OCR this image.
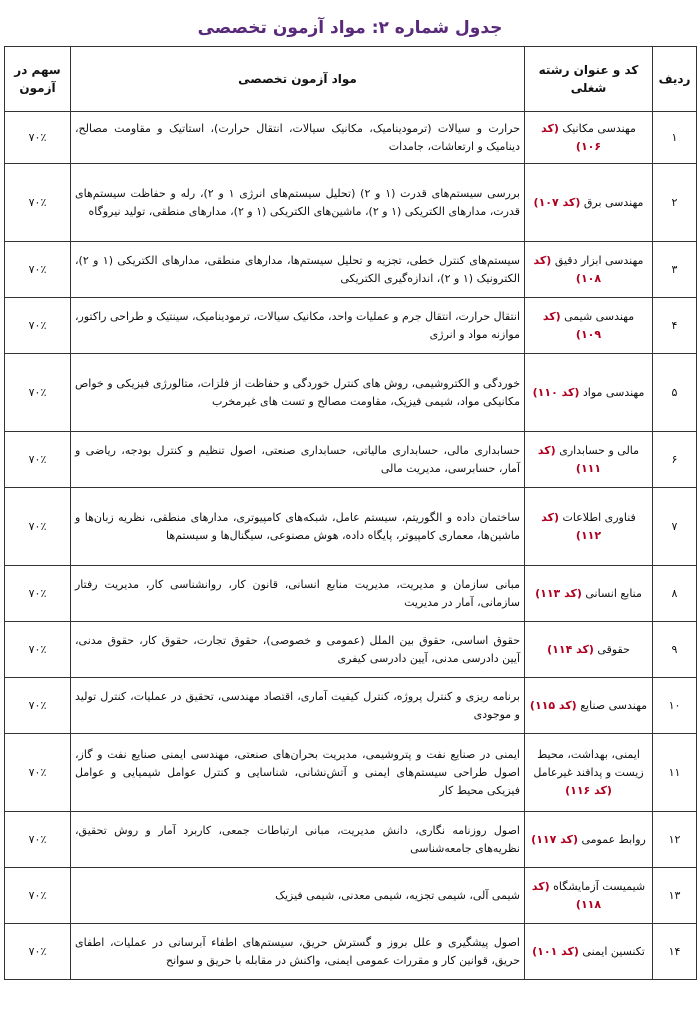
جدول شماره ۲: مواد آزمون تخصصی
ردیف	کد و عنوان رشته شغلی	مواد آزمون تخصصی	سهم در آزمون
۱	مهندسی مکانیک (کد ۱۰۶)	حرارت و سیالات (ترمودینامیک، مکانیک سیالات، انتقال حرارت)، استاتیک و مقاومت مصالح، دینامیک و ارتعاشات، جامدات	۷۰٪
۲	مهندسی برق (کد ۱۰۷)	بررسی سیستم‌های قدرت (۱ و ۲) (تحلیل سیستم‌های انرژی ۱ و ۲)، رله و حفاظت سیستم‌های قدرت، مدارهای الکتریکی (۱ و ۲)، ماشین‌های الکتریکی (۱ و ۲)، مدارهای منطقی، تولید نیروگاه	۷۰٪
۳	مهندسی ابزار دقیق (کد ۱۰۸)	سیستم‌های کنترل خطی، تجزیه و تحلیل سیستم‌ها، مدارهای منطقی، مدارهای الکتریکی (۱ و ۲)، الکترونیک (۱ و ۲)، اندازه‌گیری الکتریکی	۷۰٪
۴	مهندسی شیمی (کد ۱۰۹)	انتقال حرارت، انتقال جرم و عملیات واحد، مکانیک سیالات، ترمودینامیک، سینتیک و طراحی راکتور، موازنه مواد و انرژی	۷۰٪
۵	مهندسی مواد (کد ۱۱۰)	خوردگی و الکتروشیمی، روش های کنترل خوردگی و حفاظت از فلزات، متالورژی فیزیکی و خواص مکانیکی مواد، شیمی فیزیک، مقاومت مصالح و تست های غیرمخرب	۷۰٪
۶	مالی و حسابداری (کد ۱۱۱)	حسابداری مالی، حسابداری مالیاتی، حسابداری صنعتی، اصول تنظیم و کنترل بودجه، ریاضی و آمار، حسابرسی، مدیریت مالی	۷۰٪
۷	فناوری اطلاعات (کد ۱۱۲)	ساختمان داده و الگوریتم، سیستم عامل، شبکه‌های کامپیوتری، مدارهای منطقی، نظریه زبان‌ها و ماشین‌ها، معماری کامپیوتر، پایگاه داده، هوش مصنوعی، سیگنال‌ها و سیستم‌ها	۷۰٪
۸	منابع انسانی (کد ۱۱۳)	مبانی سازمان و مدیریت، مدیریت منابع انسانی، قانون کار، روانشناسی کار، مدیریت رفتار سازمانی، آمار در مدیریت	۷۰٪
۹	حقوقی (کد ۱۱۴)	حقوق اساسی، حقوق بین الملل (عمومی و خصوصی)، حقوق تجارت، حقوق کار، حقوق مدنی، آیین دادرسی مدنی، آیین دادرسی کیفری	۷۰٪
۱۰	مهندسی صنایع (کد ۱۱۵)	برنامه ریزی و کنترل پروژه، کنترل کیفیت آماری، اقتصاد مهندسی، تحقیق در عملیات، کنترل تولید و موجودی	۷۰٪
۱۱	ایمنی، بهداشت، محیط زیست و پدافند غیرعامل (کد ۱۱۶)	ایمنی در صنایع نفت و پتروشیمی، مدیریت بحران‌های صنعتی، مهندسی ایمنی صنایع نفت و گاز، اصول طراحی سیستم‌های ایمنی و آتش‌نشانی، شناسایی و کنترل عوامل شیمیایی و عوامل فیزیکی محیط کار	۷۰٪
۱۲	روابط عمومی (کد ۱۱۷)	اصول روزنامه نگاری، دانش مدیریت، مبانی ارتباطات جمعی، کاربرد آمار و روش تحقیق، نظریه‌های جامعه‌شناسی	۷۰٪
۱۳	شیمیست آزمایشگاه (کد ۱۱۸)	شیمی آلی، شیمی تجزیه، شیمی معدنی، شیمی فیزیک	۷۰٪
۱۴	تکنسین ایمنی (کد ۱۰۱)	اصول پیشگیری و علل بروز و گسترش حریق، سیستم‌های اطفاء آبرسانی در عملیات، اطفای حریق، قوانین کار و مقررات عمومی ایمنی، واکنش در مقابله با حریق و سوانح	۷۰٪
